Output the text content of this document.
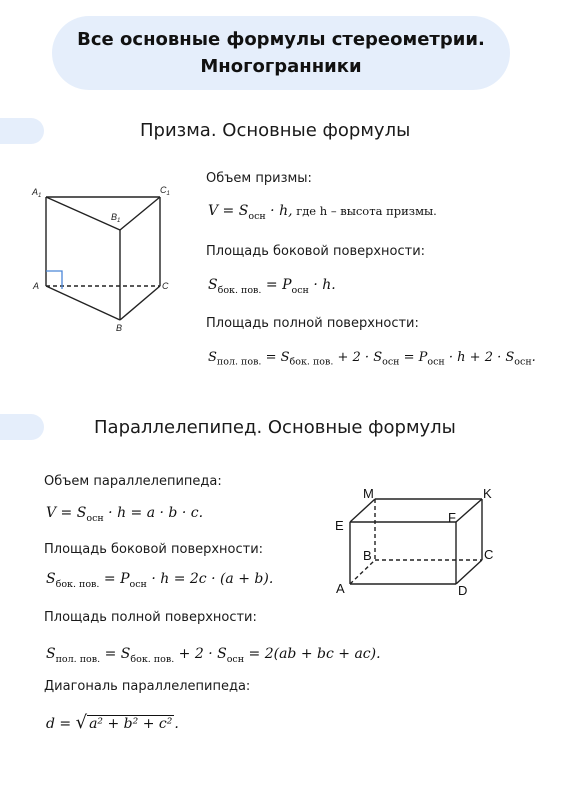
Все основные формулы стереометрии.
Многогранники
Призма. Основные формулы
$A_1$
$C_1$
$B_1$
A	C
B
Объем призмы:
$V = S_{осн} \cdot h$, где h – высота призмы.
Площадь боковой поверхности:
$S_{бок. пов.} = P_{осн} \cdot h$.
Площадь полной поверхности:
$S_{пол. пов.} = S_{бок. пов.} + 2 \cdot S_{осн} = P_{осн} \cdot h + 2 \cdot S_{осн}$.
Параллелепипед. Основные формулы
Объем параллелепипеда:
$V = S_{осн} \cdot h = a \cdot b \cdot c$.
Площадь боковой поверхности:
$S_{бок. пов.} = P_{осн} \cdot h = 2c \cdot (a + b)$.
Площадь полной поверхности:
$S_{пол. пов.} = S_{бок. пов.} + 2 \cdot S_{осн} = 2(ab$ + bc + ac).
Диагональ параллелепипеда:
d = √ a² + b² + c² .
M	K
E
F
B	C
A	D
